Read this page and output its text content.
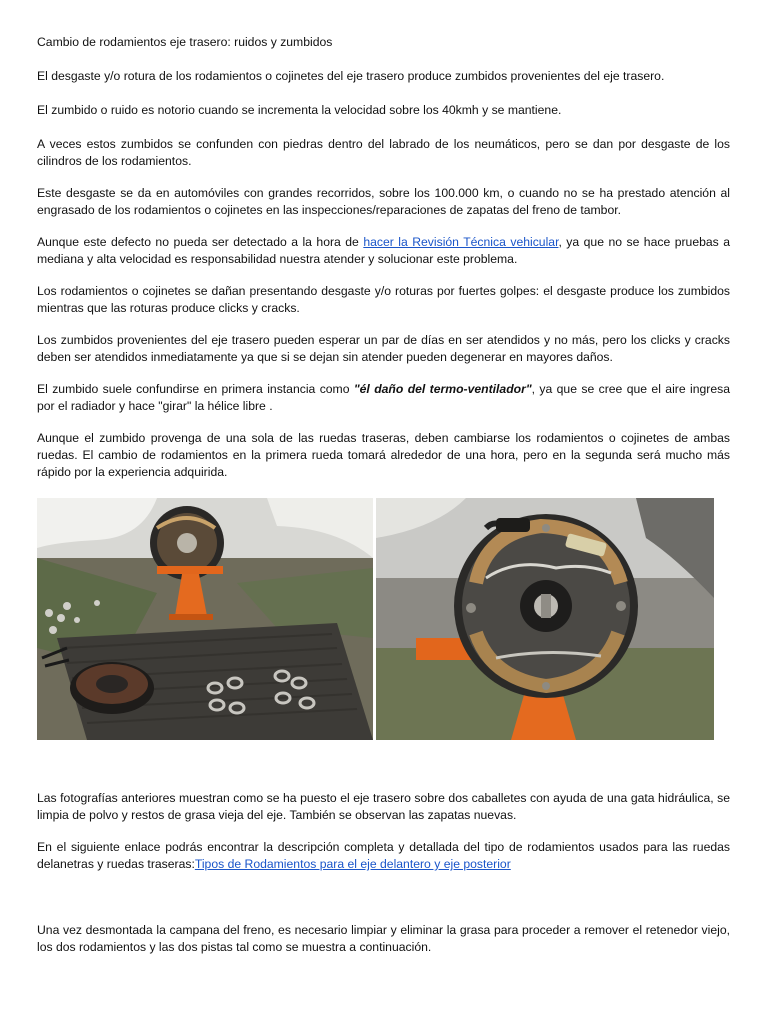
Cambio de rodamientos eje trasero: ruidos y zumbidos

El desgaste y/o rotura de los rodamientos o cojinetes del eje trasero produce zumbidos provenientes del eje trasero.

El zumbido o ruido es notorio cuando se incrementa la velocidad sobre los 40kmh y se mantiene.

A veces estos zumbidos se confunden con piedras dentro del labrado de los neumáticos, pero se dan por desgaste de los cilindros de los rodamientos.

Este desgaste se da en automóviles con grandes recorridos, sobre los 100.000 km, o cuando no se ha prestado atención al engrasado de los rodamientos o cojinetes en las inspecciones/reparaciones de zapatas del freno de tambor.

Aunque este defecto no pueda ser detectado a la hora de hacer la Revisión Técnica vehicular, ya que no se hace pruebas a mediana y alta velocidad es responsabilidad nuestra atender y solucionar este problema.

Los rodamientos o cojinetes se dañan presentando desgaste y/o roturas por fuertes golpes: el desgaste produce los zumbidos mientras que las roturas produce clicks y cracks.

Los zumbidos provenientes del eje trasero pueden esperar un par de días en ser atendidos y no más, pero los clicks y cracks deben ser atendidos inmediatamente ya que si se dejan sin atender pueden degenerar en mayores daños.

El zumbido suele confundirse en primera instancia como "él daño del termo-ventilador", ya que se cree que el aire ingresa por el radiador y hace "girar" la hélice libre .

Aunque el zumbido provenga de una sola de las ruedas traseras, deben cambiarse los rodamientos o cojinetes de ambas ruedas. El cambio de rodamientos en la primera rueda tomará alrededor de una hora, pero en la segunda será mucho más rápido por la experiencia adquirida.

Las fotografías anteriores muestran como se ha puesto el eje trasero sobre dos caballetes con ayuda de una gata hidráulica, se limpia de polvo y restos de grasa vieja del eje. También se observan las zapatas nuevas.

En el siguiente enlace podrás encontrar la descripción completa y detallada del tipo de rodamientos usados para las ruedas delanetras y ruedas traseras:Tipos de Rodamientos para el eje delantero y eje posterior

Una vez desmontada la campana del freno, es necesario limpiar y eliminar la grasa para proceder a remover el retenedor viejo, los dos rodamientos y las dos pistas tal como se muestra a continuación.
